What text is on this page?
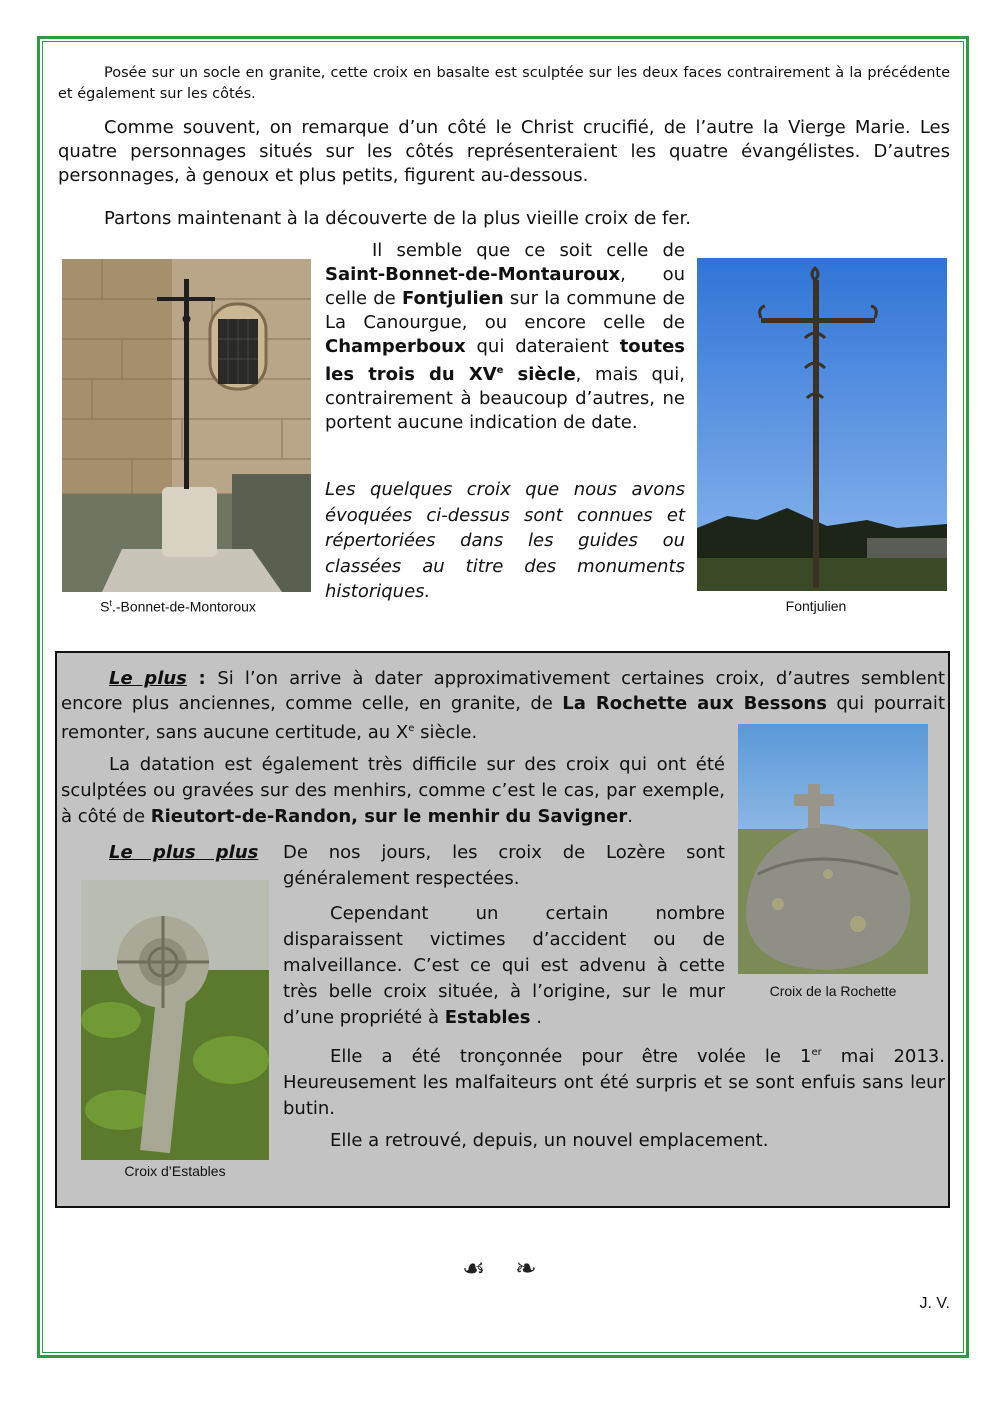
Posée sur un socle en granite, cette croix en basalte est sculptée sur les deux faces contrairement à la précédente et également sur les côtés.

Comme souvent, on remarque d’un côté le Christ crucifié, de l’autre la Vierge Marie. Les quatre personnages situés sur les côtés représenteraient les quatre évangélistes. D’autres personnages, à genoux et plus petits, figurent au-dessous.

Partons maintenant à la découverte de la plus vieille croix de fer.

$S^t.-Bonnet-de$-Montoroux

Il semble que ce soit celle de Saint-Bonnet-de-Montauroux, ou celle de Fontjulien sur la commune de La Canourgue, ou encore celle de Champerboux qui dateraient toutes les trois du XVe siècle, mais qui, contrairement à beaucoup d’autres, ne portent aucune indication de date.

Les quelques croix que nous avons évoquées ci-dessus sont connues et répertoriées dans les guides ou classées au titre des monuments historiques.

Fontjulien

Le plus : Si l’on arrive à dater approximativement certaines croix, d’autres semblent encore plus anciennes, comme celle, en granite, de La Rochette aux Bessons qui pourrait remonter, sans aucune certitude, au Xe siècle.

Croix de la Rochette

La datation est également très difficile sur des croix qui ont été sculptées ou gravées sur des menhirs, comme c’est le cas, par exemple, à côté de Rieutort-de-Randon, sur le menhir du Savigner.

Croix d’Estables

Le plus plus De nos jours, les croix de Lozère sont généralement respectées.

Cependant un certain nombre disparaissent victimes d’accident ou de malveillance. C’est ce qui est advenu à cette très belle croix située, à l’origine, sur le mur d’une propriété à Estables .

Elle a été tronçonnée pour être volée le 1er mai 2013. Heureusement les malfaiteurs ont été surpris et se sont enfuis sans leur butin.

Elle a retrouvé, depuis, un nouvel emplacement.

☙ ❧
J. V.
